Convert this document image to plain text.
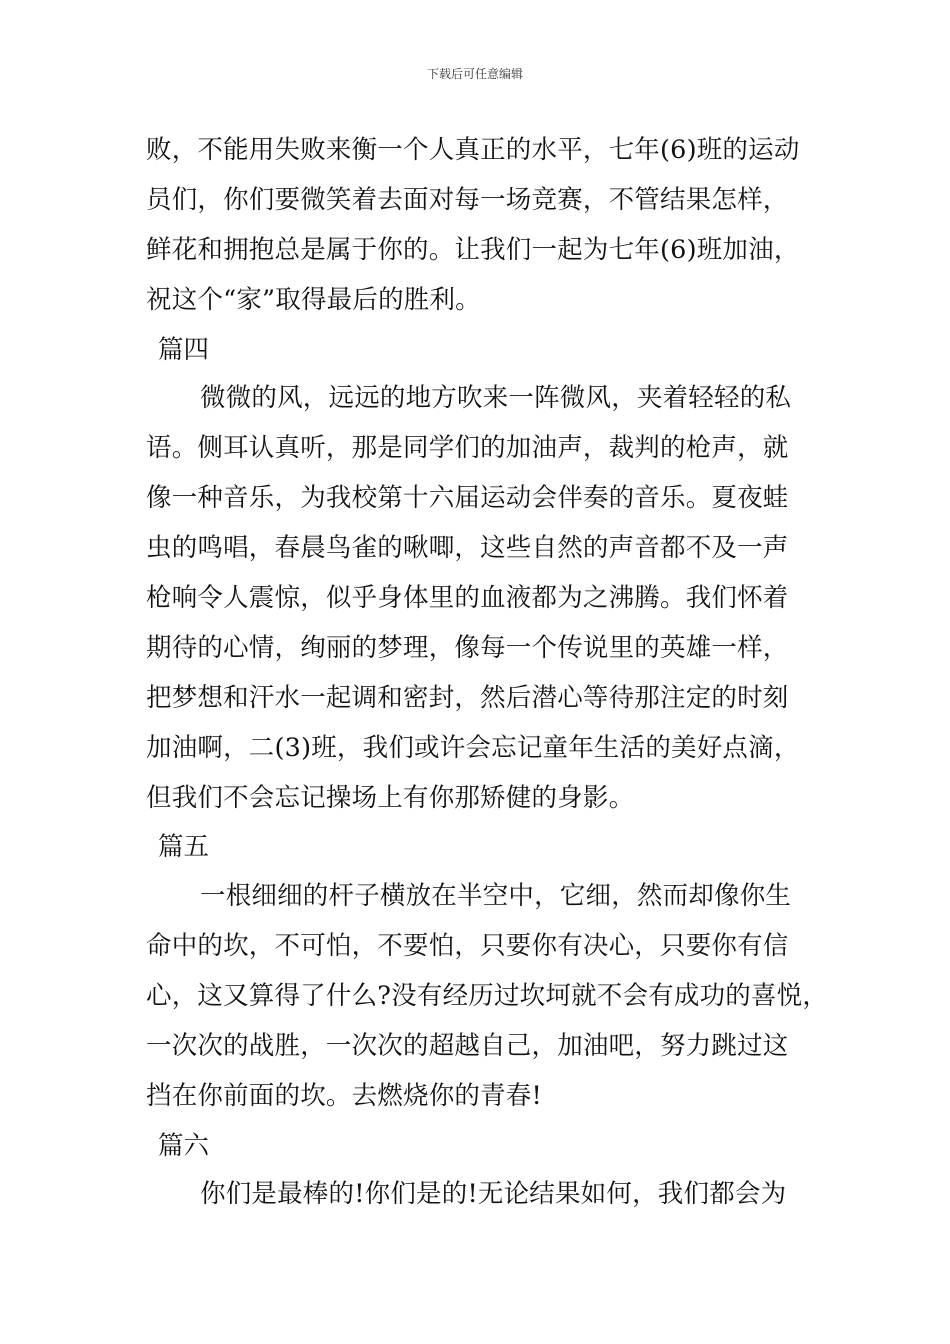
下载后可任意编辑
败，不能用失败来衡一个人真正的水平，七年(6)班的运动
员们，你们要微笑着去面对每一场竞赛，不管结果怎样，
鲜花和拥抱总是属于你的。让我们一起为七年(6)班加油，
祝这个“家”取得最后的胜利。
篇四
微微的风，远远的地方吹来一阵微风，夹着轻轻的私
语。侧耳认真听，那是同学们的加油声，裁判的枪声，就
像一种音乐，为我校第十六届运动会伴奏的音乐。夏夜蛙
虫的鸣唱，春晨鸟雀的啾唧，这些自然的声音都不及一声
枪响令人震惊，似乎身体里的血液都为之沸腾。我们怀着
期待的心情，绚丽的梦理，像每一个传说里的英雄一样，
把梦想和汗水一起调和密封，然后潜心等待那注定的时刻
加油啊，二(3)班，我们或许会忘记童年生活的美好点滴，
但我们不会忘记操场上有你那矫健的身影。
篇五
一根细细的杆子横放在半空中，它细，然而却像你生
命中的坎，不可怕，不要怕，只要你有决心，只要你有信
心，这又算得了什么?没有经历过坎坷就不会有成功的喜悦，
一次次的战胜，一次次的超越自己，加油吧，努力跳过这
挡在你前面的坎。去燃烧你的青春!
篇六
你们是最棒的!你们是的!无论结果如何，我们都会为
